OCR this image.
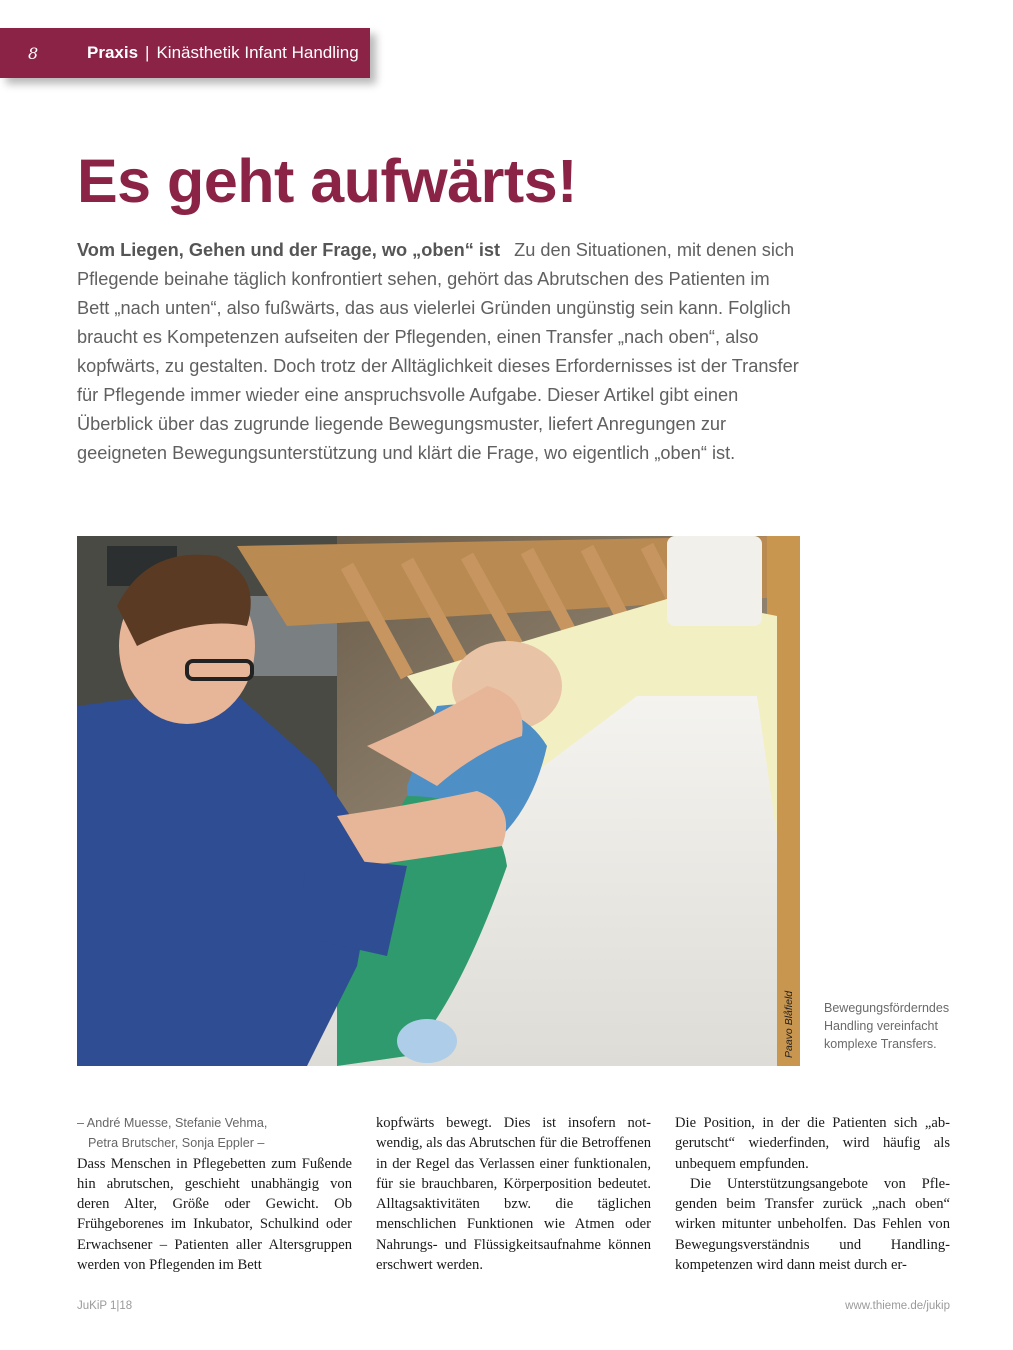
8	Praxis | Kinästhetik Infant Handling
Es geht aufwärts!
Vom Liegen, Gehen und der Frage, wo „oben“ ist Zu den Situationen, mit denen sich Pflegende beinahe täglich konfrontiert sehen, gehört das Abrutschen des Patienten im Bett „nach unten“, also fußwärts, das aus vielerlei Gründen ungünstig sein kann. Folglich braucht es Kompetenzen aufseiten der Pflegenden, einen Transfer „nach oben“, also kopfwärts, zu gestalten. Doch trotz der Alltäglichkeit dieses Erfordernisses ist der Transfer für Pflegende immer wieder eine anspruchsvolle Aufgabe. Dieser Artikel gibt einen Überblick über das zugrunde liegende Bewegungsmuster, liefert Anregungen zur geeigneten Bewegungsunterstützung und klärt die Frage, wo eigentlich „oben“ ist.
Paavo Blåfield Bewegungsförderndes Handling vereinfacht komplexe Transfers.
– André Muesse, Stefanie Vehma,
Petra Brutscher, Sonja Eppler –

Dass Menschen in Pflegebetten zum Fußende hin abrutschen, geschieht unabhängig von deren Alter, Größe oder Gewicht. Ob Frühgeborenes im Inkubator, Schulkind oder Erwachsener – Patienten aller Altersgruppen werden von Pflegenden im Bett

kopfwärts bewegt. Dies ist insofern notwendig, als das Abrutschen für die Betroffenen in der Regel das Verlassen einer funktionalen, für sie brauchbaren, Körperposition bedeutet. Alltagsaktivitäten bzw. die täglichen menschlichen Funktionen wie Atmen oder Nahrungs- und Flüssigkeitsaufnahme können erschwert werden.

Die Position, in der die Patienten sich „abgerutscht“ wiederfinden, wird häufig als unbequem empfunden.

Die Unterstützungsangebote von Pflegenden beim Transfer zurück „nach oben“ wirken mitunter unbeholfen. Das Fehlen von Bewegungsverständnis und Handlingkompetenzen wird dann meist durch er-

JuKiP 1|18	www.thieme.de/jukip
